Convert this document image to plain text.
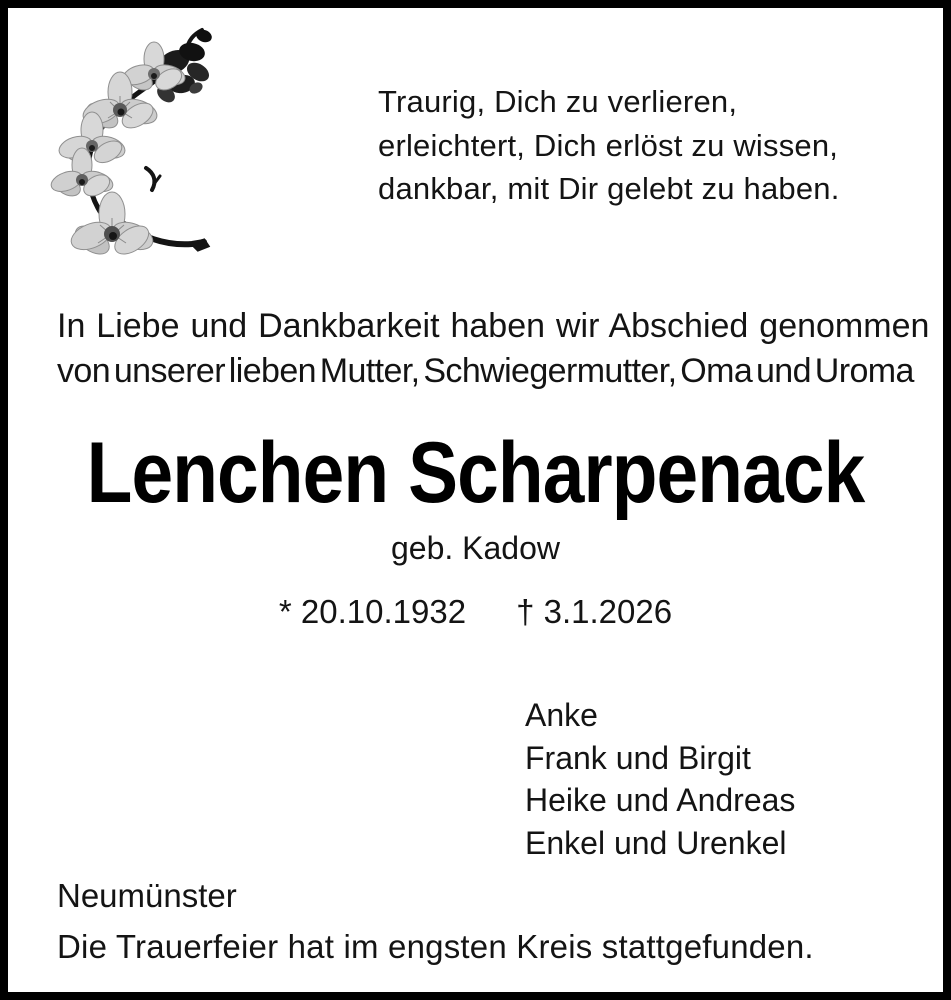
Traurig, Dich zu verlieren,
erleichtert, Dich erlöst zu wissen,
dankbar, mit Dir gelebt zu haben.
In Liebe und Dankbarkeit haben wir Abschied genommen
von unserer lieben Mutter, Schwiegermutter, Oma und Uroma
Lenchen Scharpenack
geb. Kadow
* 20.10.1932 † 3.1.2026
Anke
Frank und Birgit
Heike und Andreas
Enkel und Urenkel
Neumünster
Die Trauerfeier hat im engsten Kreis stattgefunden.
